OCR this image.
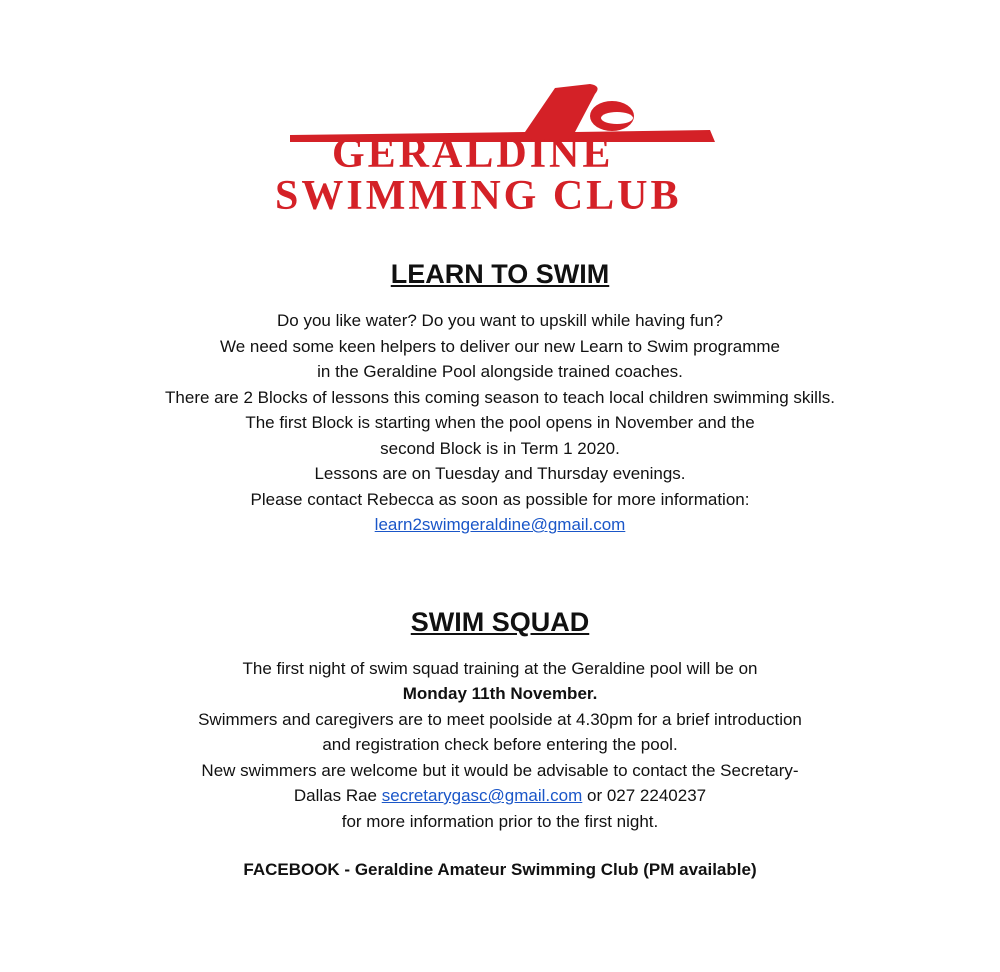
GERALDINE
SWIMMING CLUB
LEARN TO SWIM
Do you like water? Do you want to upskill while having fun?
We need some keen helpers to deliver our new Learn to Swim programme
in the Geraldine Pool alongside trained coaches.
There are 2 Blocks of lessons this coming season to teach local children swimming skills.
The first Block is starting when the pool opens in November and the
second Block is in Term 1 2020.
Lessons are on Tuesday and Thursday evenings.
Please contact Rebecca as soon as possible for more information:
learn2swimgeraldine@gmail.com
SWIM SQUAD
The first night of swim squad training at the Geraldine pool will be on
Monday 11th November.
Swimmers and caregivers are to meet poolside at 4.30pm for a brief introduction
and registration check before entering the pool.
New swimmers are welcome but it would be advisable to contact the Secretary-
Dallas Rae secretarygasc@gmail.com or 027 2240237
for more information prior to the first night.
FACEBOOK - Geraldine Amateur Swimming Club (PM available)
